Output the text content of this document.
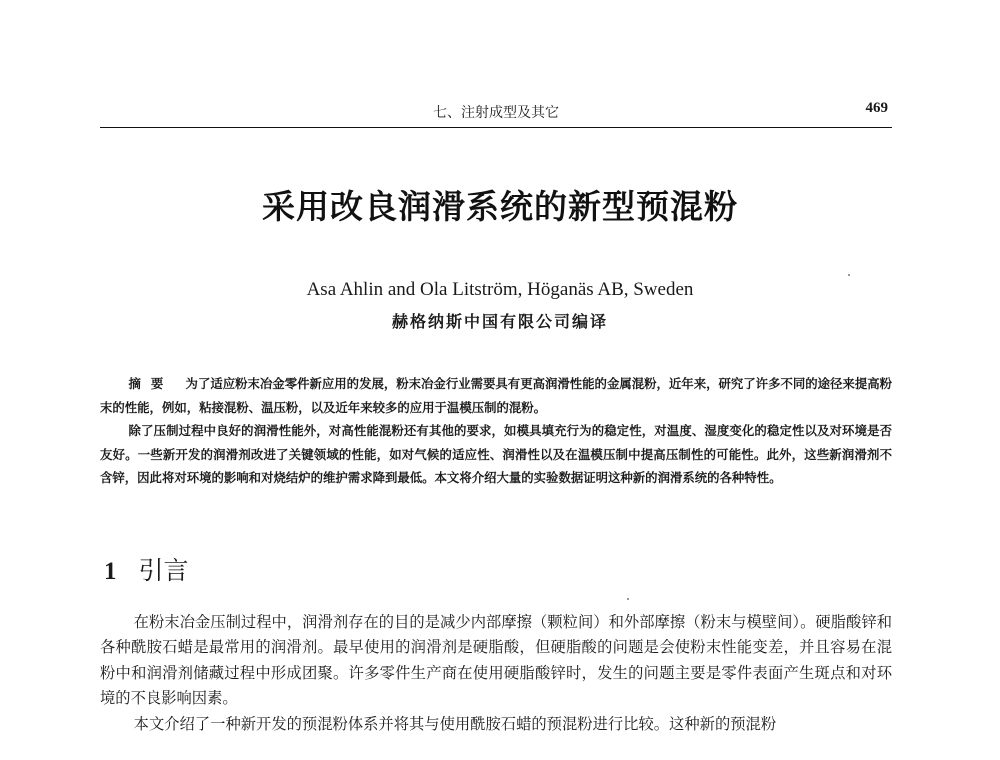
七、注射成型及其它	469
采用改良润滑系统的新型预混粉
Asa Ahlin and Ola Litström, Höganäs AB, Sweden
赫格纳斯中国有限公司编译

摘要 为了适应粉末冶金零件新应用的发展，粉末冶金行业需要具有更高润滑性能的金属混粉，近年来，研究了许多不同的途径来提高粉末的性能，例如，粘接混粉、温压粉，以及近年来较多的应用于温模压制的混粉。

除了压制过程中良好的润滑性能外，对高性能混粉还有其他的要求，如模具填充行为的稳定性，对温度、湿度变化的稳定性以及对环境是否友好。一些新开发的润滑剂改进了关键领域的性能，如对气候的适应性、润滑性以及在温模压制中提高压制性的可能性。此外，这些新润滑剂不含锌，因此将对环境的影响和对烧结炉的维护需求降到最低。本文将介绍大量的实验数据证明这种新的润滑系统的各种特性。

1 引言

在粉末冶金压制过程中，润滑剂存在的目的是减少内部摩擦（颗粒间）和外部摩擦（粉末与模壁间）。硬脂酸锌和各种酰胺石蜡是最常用的润滑剂。最早使用的润滑剂是硬脂酸，但硬脂酸的问题是会使粉末性能变差，并且容易在混粉中和润滑剂储藏过程中形成团聚。许多零件生产商在使用硬脂酸锌时，发生的问题主要是零件表面产生斑点和对环境的不良影响因素。

本文介绍了一种新开发的预混粉体系并将其与使用酰胺石蜡的预混粉进行比较。这种新的预混粉
